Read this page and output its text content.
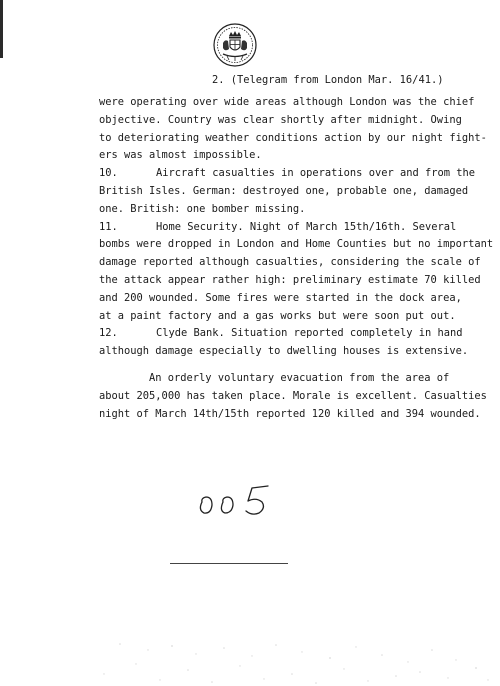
2. (Telegram from London Mar. 16/41.)
were operating over wide areas although London was the chief
objective. Country was clear shortly after midnight. Owing
to deteriorating weather conditions action by our night fight-
ers was almost impossible.
10.	Aircraft casualties in operations over and from the
British Isles. German: destroyed one, probable one, damaged
one. British: one bomber missing.
11.	Home Security. Night of March 15th/16th. Several
bombs were dropped in London and Home Counties but no important
damage reported although casualties, considering the scale of
the attack appear rather high: preliminary estimate 70 killed
and 200 wounded. Some fires were started in the dock area,
at a paint factory and a gas works but were soon put out.
12.	Clyde Bank. Situation reported completely in hand
although damage especially to dwelling houses is extensive.
An orderly voluntary evacuation from the area of
about 205,000 has taken place. Morale is excellent. Casualties
night of March 14th/15th reported 120 killed and 394 wounded.
